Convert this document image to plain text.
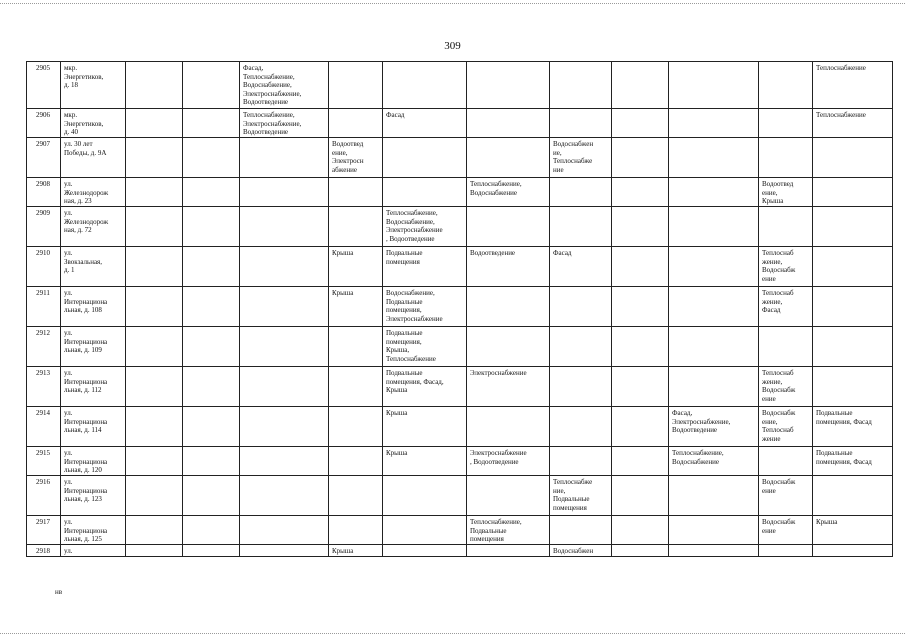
309
2905	мкр.
Энергетиков,
д. 18			Фасад,
Теплоснабжение,
Водоснабжение,
Электроснабжение,
Водоотведение								Теплоснабжение
2906	мкр.
Энергетиков,
д. 40			Теплоснабжение,
Электроснабжение,
Водоотведение		Фасад						Теплоснабжение
2907	ул. 30 лет
Победы, д. 9А				Водоотвед
ение,
Электросн
абжение			Водоснабжен
ие,
Теплоснабже
ние				
2908	ул.
Железнодорож
ная, д. 23						Теплоснабжение,
Водоснабжение				Водоотвед
ение,
Крыша	
2909	ул.
Железнодорож
ная, д. 72					Теплоснабжение,
Водоснабжение,
Электроснабжение
, Водоотведение						
2910	ул.
Звокзальная,
д. 1				Крыша	Подвальные
помещения	Водоотведение	Фасад			Теплоснаб
жение,
Водоснабж
ение	
2911	ул.
Интернациона
льная, д. 108				Крыша	Водоснабжение,
Подвальные
помещения,
Электроснабжение					Теплоснаб
жение,
Фасад	
2912	ул.
Интернациона
льная, д. 109					Подвальные
помещения,
Крыша,
Теплоснабжение						
2913	ул.
Интернациона
льная, д. 112					Подвальные
помещения, Фасад,
Крыша	Электроснабжение				Теплоснаб
жение,
Водоснабж
ение	
2914	ул.
Интернациона
льная, д. 114					Крыша				Фасад,
Электроснабжение,
Водоотведение	Водоснабж
ение,
Теплоснаб
жение	Подвальные
помещения, Фасад
2915	ул.
Интернациона
льная, д. 120					Крыша	Электроснабжение
, Водоотведение			Теплоснабжение,
Водоснабжение		Подвальные
помещения, Фасад
2916	ул.
Интернациона
льная, д. 123							Теплоснабже
ние,
Подвальные
помещения			Водоснабж
ение	
2917	ул.
Интернациона
льная, д. 125						Теплоснабжение,
Подвальные
помещения				Водоснабж
ение	Крыша
2918	ул.				Крыша			Водоснабжен				
нв
